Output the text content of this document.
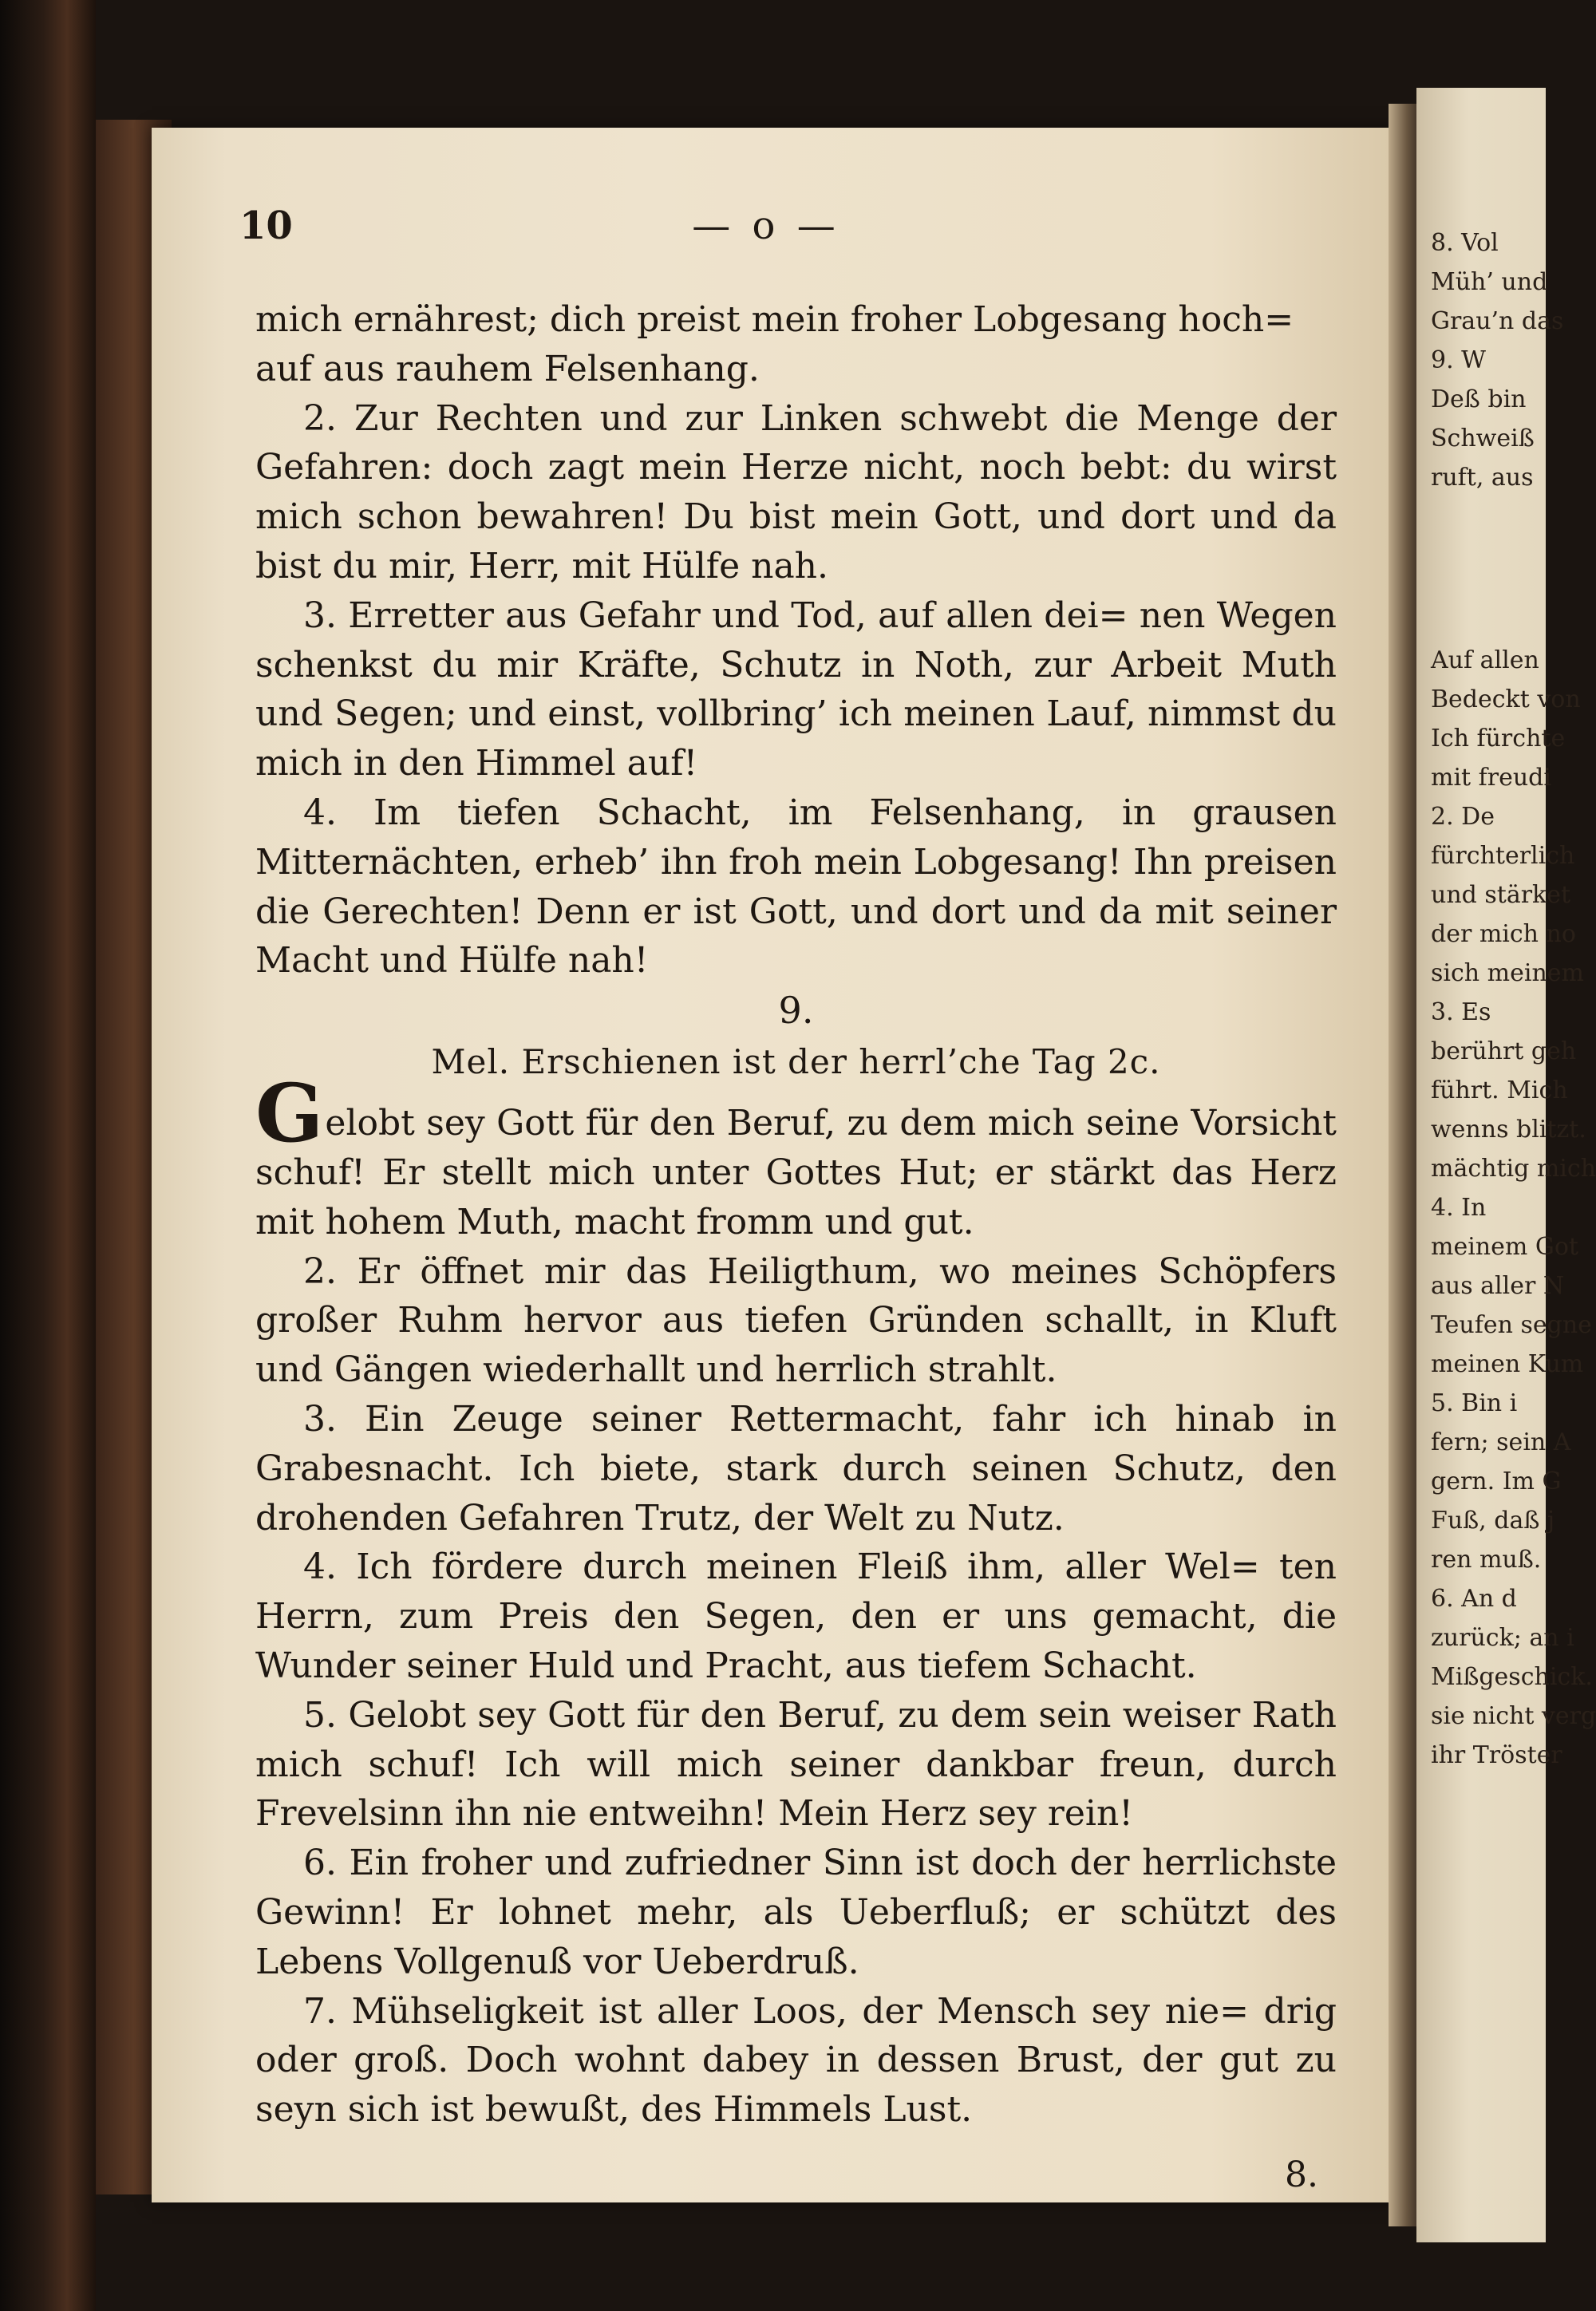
8. Vol
Müh’ und
Grau’n das
9. W
Deß bin
Schweiß
ruft, aus
Auf allen
Bedeckt von
Ich fürchte
mit freudi
2. De
fürchterlich
und stärket
der mich no
sich meinem
3. Es
berührt geh
führt. Mich
wenns blitzt.
mächtig mich
4. In
meinem Got
aus aller N
Teufen segne
meinen Kum
5. Bin i
fern; sein A
gern. Im G
Fuß, daß j
ren muß.
6. An d
zurück; an i
Mißgeschick.
sie nicht verg
ihr Tröster
10	— o —

mich ernährest; dich preist mein froher Lobgesang hoch=

auf aus rauhem Felsenhang.

2. Zur Rechten und zur Linken schwebt die Menge der Gefahren: doch zagt mein Herze nicht, noch bebt: du wirst mich schon bewahren! Du bist mein Gott, und dort und da bist du mir, Herr, mit Hülfe nah.

3. Erretter aus Gefahr und Tod, auf allen dei= nen Wegen schenkst du mir Kräfte, Schutz in Noth, zur Arbeit Muth und Segen; und einst, vollbring’ ich meinen Lauf, nimmst du mich in den Himmel auf!

4. Im tiefen Schacht, im Felsenhang, in grausen Mitternächten, erheb’ ihn froh mein Lobgesang! Ihn preisen die Gerechten! Denn er ist Gott, und dort und da mit seiner Macht und Hülfe nah!

9.

Mel. Erschienen ist der herrl’che Tag 2c.

Gelobt sey Gott für den Beruf, zu dem mich seine Vorsicht schuf! Er stellt mich unter Gottes Hut; er stärkt das Herz mit hohem Muth, macht fromm und gut.

2. Er öffnet mir das Heiligthum, wo meines Schöpfers großer Ruhm hervor aus tiefen Gründen schallt, in Kluft und Gängen wiederhallt und herrlich strahlt.

3. Ein Zeuge seiner Rettermacht, fahr ich hinab in Grabesnacht. Ich biete, stark durch seinen Schutz, den drohenden Gefahren Trutz, der Welt zu Nutz.

4. Ich fördere durch meinen Fleiß ihm, aller Wel= ten Herrn, zum Preis den Segen, den er uns gemacht, die Wunder seiner Huld und Pracht, aus tiefem Schacht.

5. Gelobt sey Gott für den Beruf, zu dem sein weiser Rath mich schuf! Ich will mich seiner dankbar freun, durch Frevelsinn ihn nie entweihn! Mein Herz sey rein!

6. Ein froher und zufriedner Sinn ist doch der herrlichste Gewinn! Er lohnet mehr, als Ueberfluß; er schützt des Lebens Vollgenuß vor Ueberdruß.

7. Mühseligkeit ist aller Loos, der Mensch sey nie= drig oder groß. Doch wohnt dabey in dessen Brust, der gut zu seyn sich ist bewußt, des Himmels Lust.

8.
